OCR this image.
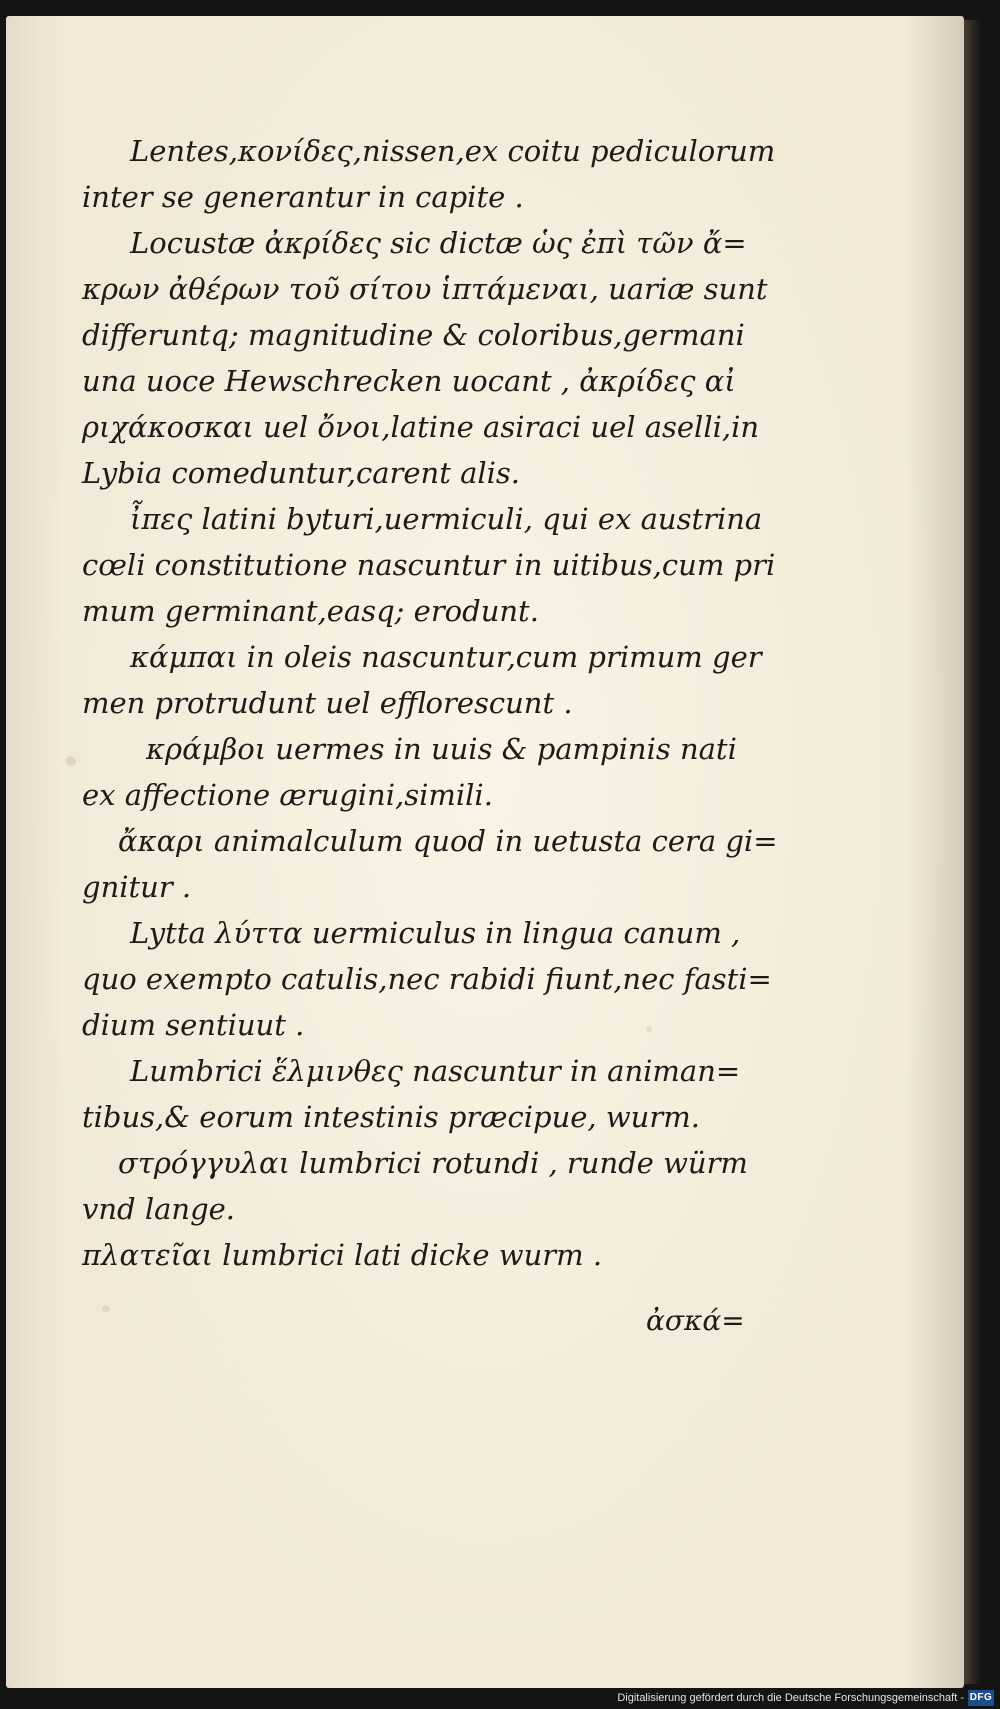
Lentes,κονίδες,nissen,ex coitu pediculorum
inter se generantur in capite .
Locustæ ἀκρίδες sic dictæ ὡς ἐπὶ τῶν ἄ=
κρων ἀθέρων τοῦ σίτου ἱπτάμεναι, uariæ sunt
differuntq; magnitudine & coloribus,germani
una uoce Hewschrecken uocant , ἀκρίδες αἰ
ριχάκοσκαι uel ὄνοι,latine asiraci uel aselli,in
Lybia comeduntur,carent alis.
ἶπες latini byturi,uermiculi, qui ex austrina
cœli constitutione nascuntur in uitibus,cum pri
mum germinant,easq; erodunt.
κάμπαι in oleis nascuntur,cum primum ger
men protrudunt uel efflorescunt .
κράμβοι uermes in uuis & pampinis nati
ex affectione ærugini,simili.
ἄκαρι animalculum quod in uetusta cera gi=
gnitur .
Lytta λύττα uermiculus in lingua canum ,
quo exempto catulis,nec rabidi fiunt,nec fasti=
dium sentiuut .
Lumbrici ἕλμινθες nascuntur in animan=
tibus,& eorum intestinis præcipue, wurm.
στρόγγυλαι lumbrici rotundi , runde würm
vnd lange.
πλατεῖαι lumbrici lati dicke wurm .
ἀσκά=
Digitalisierung gefördert durch die Deutsche Forschungsgemeinschaft - DFG
